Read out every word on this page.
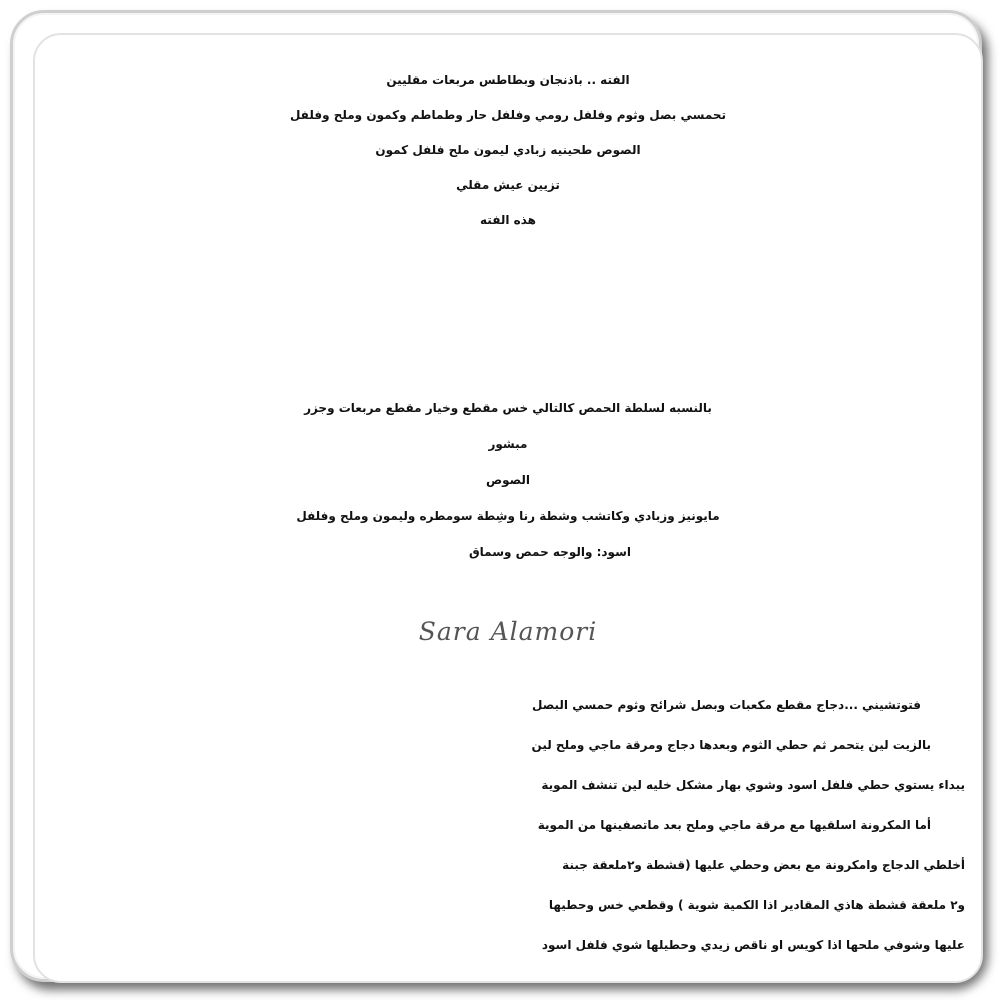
الفته .. باذنجان وبطاطس مربعات مقليين

تحمسي بصل وثوم وفلفل رومي وفلفل حار وطماطم وكمون وملح وفلفل

الصوص طحينيه زبادي ليمون ملح فلفل كمون

تزيين عيش مقلي

هذه الفته

بالنسبه لسلطة الحمص كالتالي خس مقطع وخيار مقطع مربعات وجزر

مبشور

الصوص

مايونيز وزبادي وكاتشب وشطة رنا وشِطة سومطره وليمون وملح وفلفل

اسود: والوجه حمص وسماق

Sara Alamori

فتوتشيني ...دجاج مقطع مكعبات وبصل شرائح وثوم حمسي البصل

بالزيت لين يتحمر ثم حطي الثوم وبعدها دجاج ومرقة ماجي وملح لين

يبداء يستوي حطي فلفل اسود وشوي بهار مشكل خليه لين تنشف الموية

أما المكرونة اسلقيها مع مرقة ماجي وملح بعد ماتصفينها من الموية

أخلطي الدجاج وامكرونة مع بعض وحطي عليها (قشطة و٢ملعقة جبنة

و٢ ملعقة قشطة هاذي المقادير اذا الكمية شوية ) وقطعي خس وحطيها

عليها وشوفي ملحها اذا كويس او ناقص زيدي وحطيلها شوي فلفل اسود
